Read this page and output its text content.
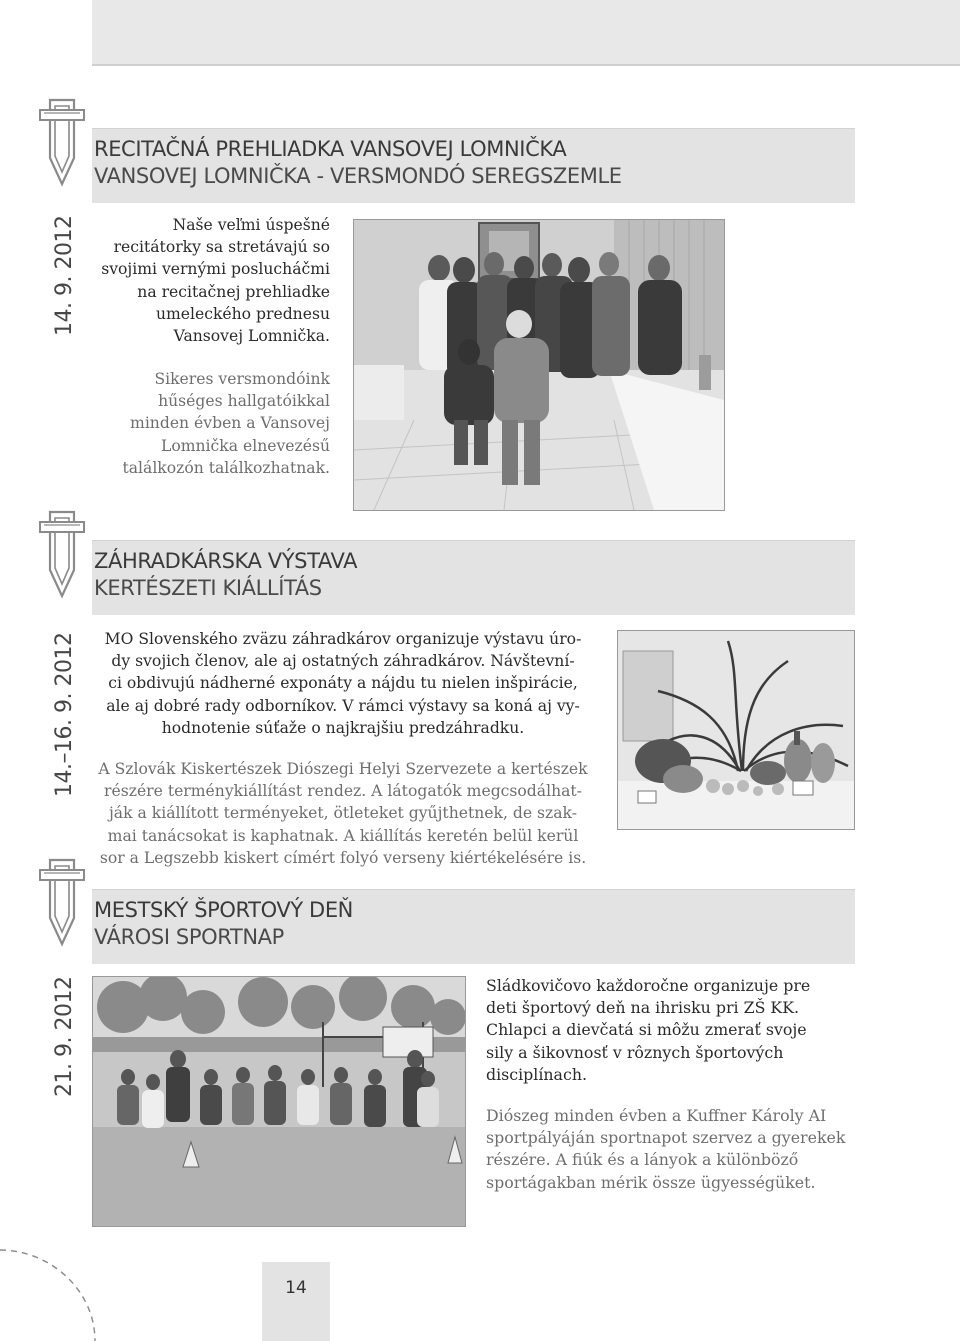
RECITAČNÁ PREHLIADKA VANSOVEJ LOMNIČKA
VANSOVEJ LOMNIČKA - VERSMONDÓ SEREGSZEMLE
14. 9. 2012	Naše veľmi úspešné
recitátorky sa stretávajú so
svojimi vernými poslucháčmi
na recitačnej prehliadke
umeleckého prednesu
Vansovej Lomnička.
Sikeres versmondóink
hűséges hallgatóikkal
minden évben a Vansovej
Lomnička elnevezésű
találkozón találkozhatnak.
ZÁHRADKÁRSKA VÝSTAVA
KERTÉSZETI KIÁLLÍTÁS
14.–16. 9. 2012	MO Slovenského zväzu záhradkárov organizuje výstavu úro-
dy svojich členov, ale aj ostatných záhradkárov. Návštevní-
ci obdivujú nádherné exponáty a nájdu tu nielen inšpirácie,
ale aj dobré rady odborníkov. V rámci výstavy sa koná aj vy-
hodnotenie súťaže o najkrajšiu predzáhradku.
A Szlovák Kiskertészek Diószegi Helyi Szervezete a kertészek
részére terménykiállítást rendez. A látogatók megcsodálhat-
ják a kiállított terményeket, ötleteket gyűjthetnek, de szak-
mai tanácsokat is kaphatnak. A kiállítás keretén belül kerül
sor a Legszebb kiskert címért folyó verseny kiértékelésére is.
MESTSKÝ ŠPORTOVÝ DEŇ
VÁROSI SPORTNAP
21. 9. 2012	Sládkovičovo každoročne organizuje pre
deti športový deň na ihrisku pri ZŠ KK.
Chlapci a dievčatá si môžu zmerať svoje
sily a šikovnosť v rôznych športových
disciplínach.
Diószeg minden évben a Kuffner Károly AI
sportpályáján sportnapot szervez a gyerekek
részére. A fiúk és a lányok a különböző
sportágakban mérik össze ügyességüket.
14
